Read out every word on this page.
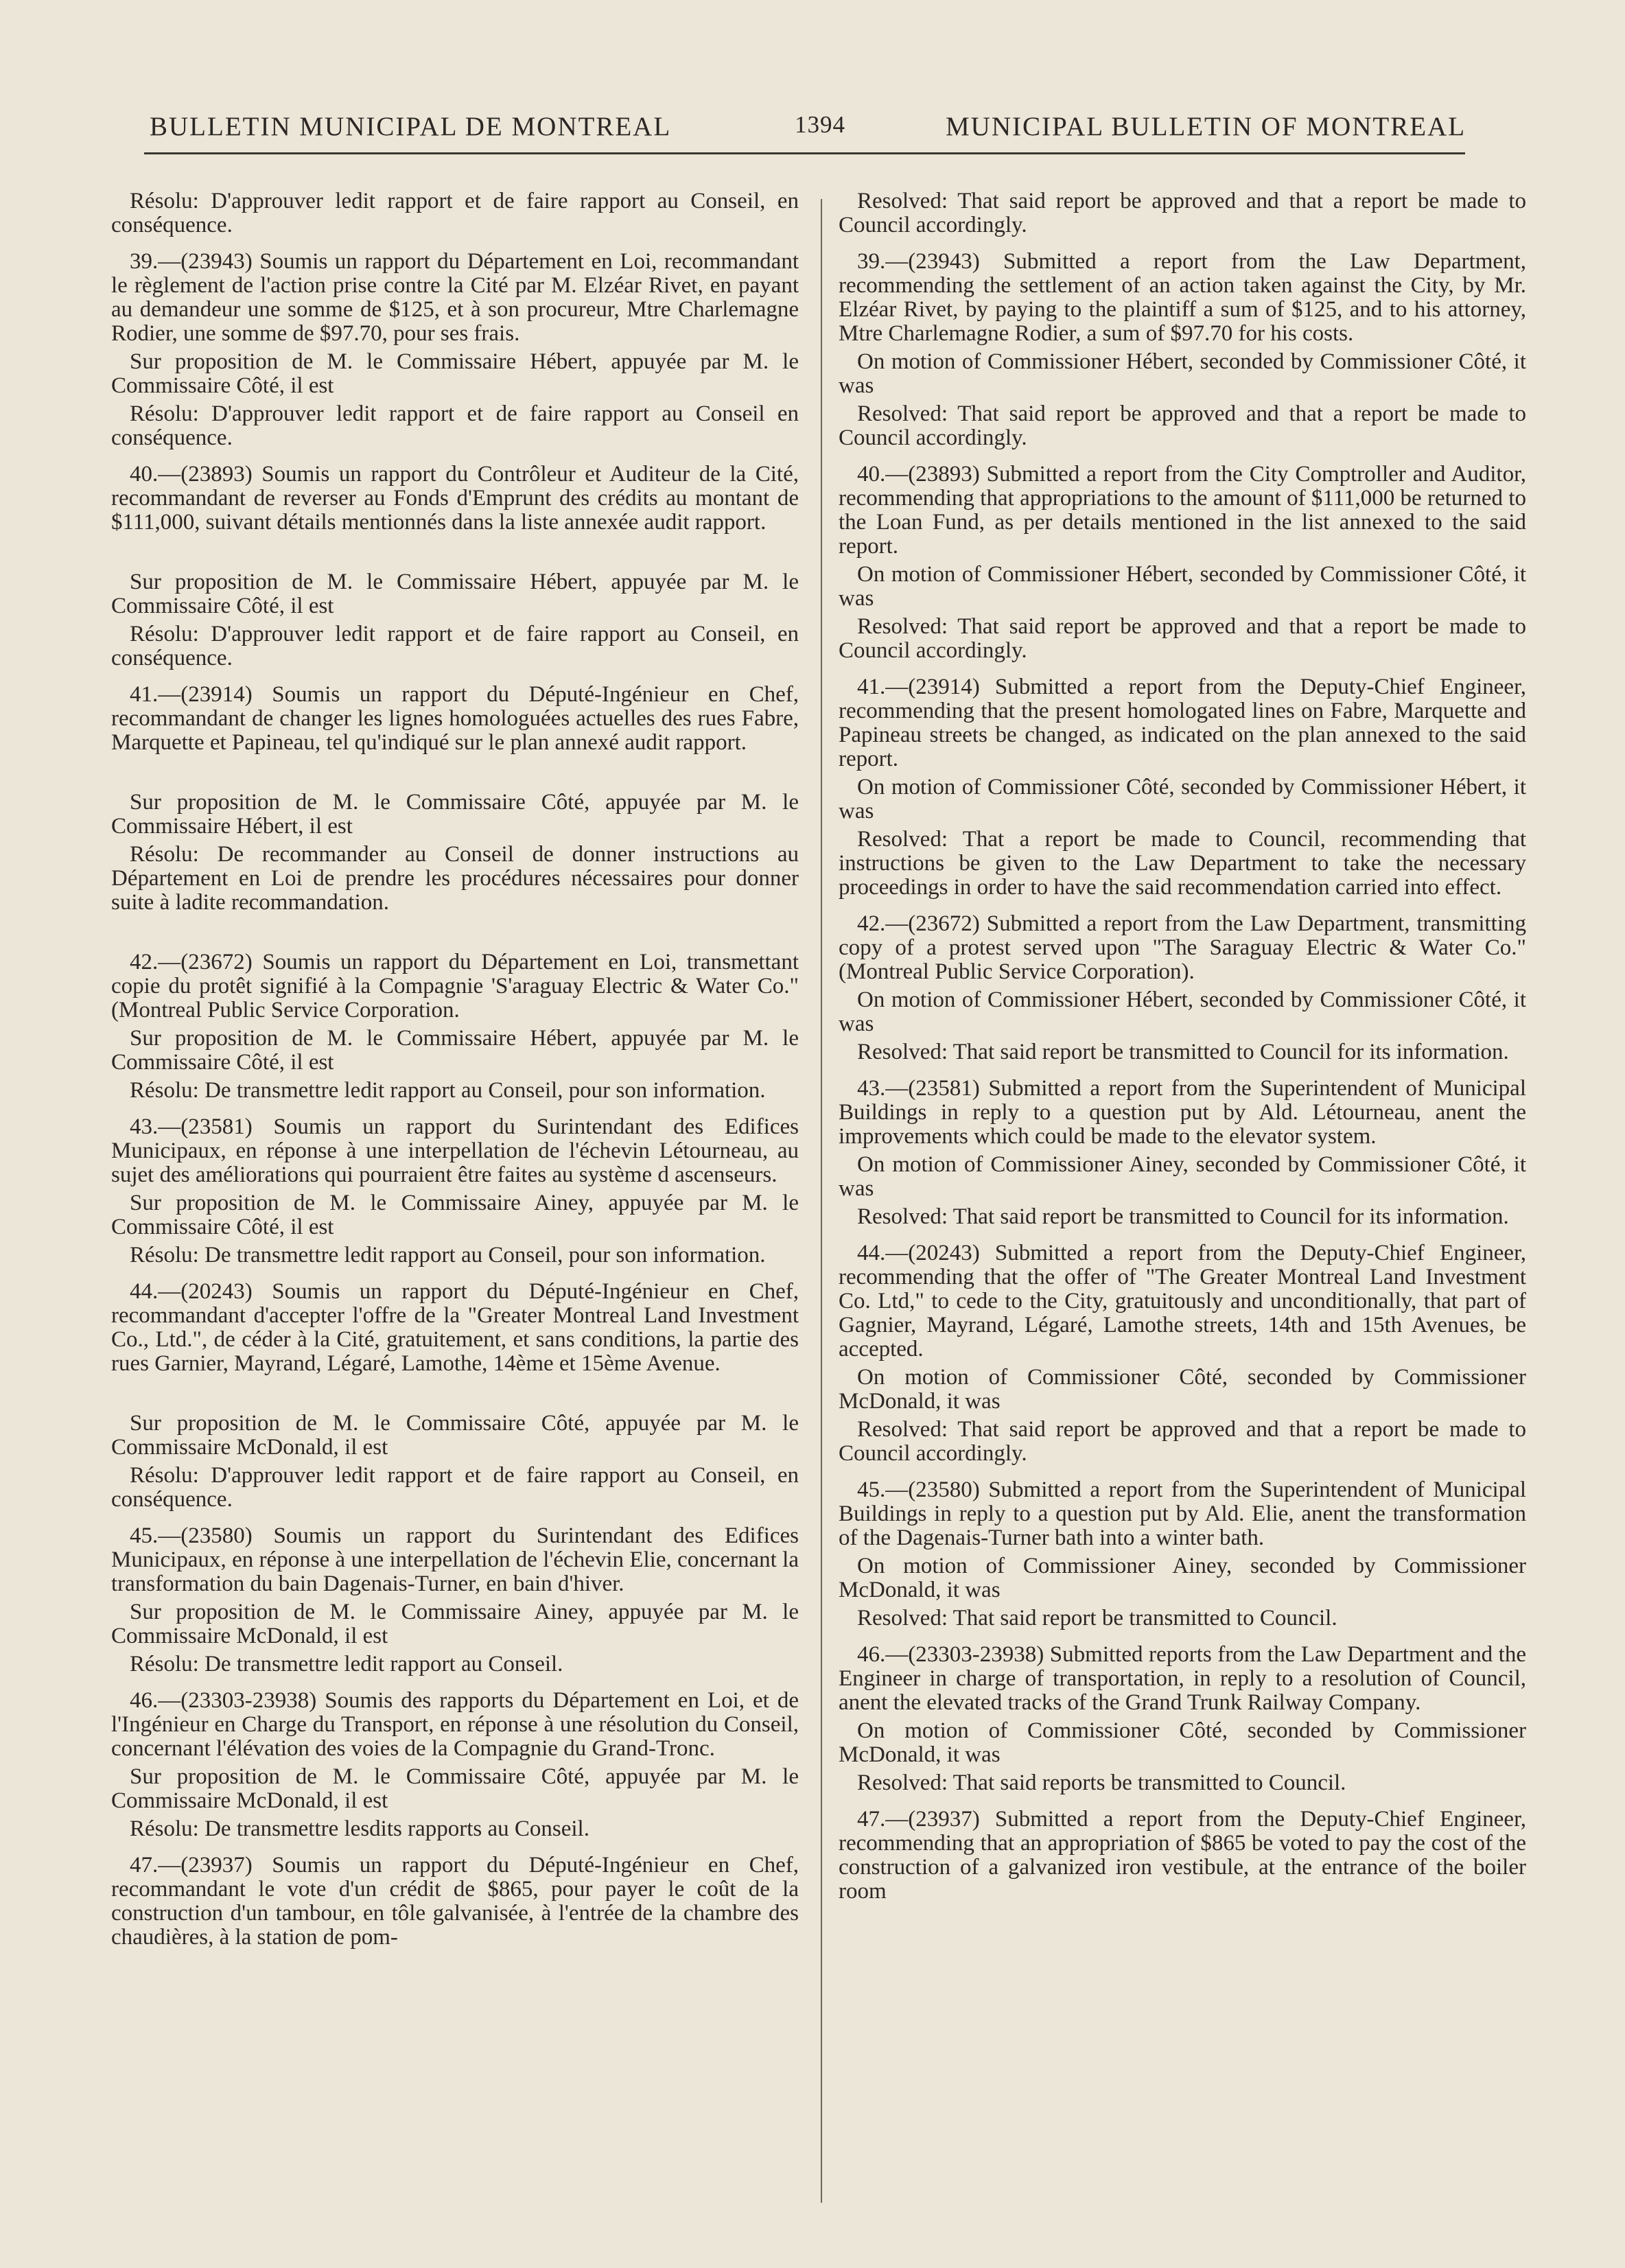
BULLETIN MUNICIPAL DE MONTREAL	1394	MUNICIPAL BULLETIN OF MONTREAL

Résolu: D'approuver ledit rapport et de faire rapport au Conseil, en conséquence.

39.—(23943) Soumis un rapport du Département en Loi, recommandant le règlement de l'action prise contre la Cité par M. Elzéar Rivet, en payant au demandeur une somme de $125, et à son procureur, Mtre Charlemagne Rodier, une somme de $97.70, pour ses frais.

Sur proposition de M. le Commissaire Hébert, appuyée par M. le Commissaire Côté, il est

Résolu: D'approuver ledit rapport et de faire rapport au Conseil en conséquence.

40.—(23893) Soumis un rapport du Contrôleur et Auditeur de la Cité, recommandant de reverser au Fonds d'Emprunt des crédits au montant de $111,000, suivant détails mentionnés dans la liste annexée audit rapport.

Sur proposition de M. le Commissaire Hébert, appuyée par M. le Commissaire Côté, il est

Résolu: D'approuver ledit rapport et de faire rapport au Conseil, en conséquence.

41.—(23914) Soumis un rapport du Député-Ingénieur en Chef, recommandant de changer les lignes homologuées actuelles des rues Fabre, Marquette et Papineau, tel qu'indiqué sur le plan annexé audit rapport.

Sur proposition de M. le Commissaire Côté, appuyée par M. le Commissaire Hébert, il est

Résolu: De recommander au Conseil de donner instructions au Département en Loi de prendre les procédures nécessaires pour donner suite à ladite recommandation.

42.—(23672) Soumis un rapport du Département en Loi, transmettant copie du protêt signifié à la Compagnie 'S'araguay Electric & Water Co." (Montreal Public Service Corporation.

Sur proposition de M. le Commissaire Hébert, appuyée par M. le Commissaire Côté, il est

Résolu: De transmettre ledit rapport au Conseil, pour son information.

43.—(23581) Soumis un rapport du Surintendant des Edifices Municipaux, en réponse à une interpellation de l'échevin Létourneau, au sujet des améliorations qui pourraient être faites au système d ascenseurs.

Sur proposition de M. le Commissaire Ainey, appuyée par M. le Commissaire Côté, il est

Résolu: De transmettre ledit rapport au Conseil, pour son information.

44.—(20243) Soumis un rapport du Député-Ingénieur en Chef, recommandant d'accepter l'offre de la "Greater Montreal Land Investment Co., Ltd.", de céder à la Cité, gratuitement, et sans conditions, la partie des rues Garnier, Mayrand, Légaré, Lamothe, 14ème et 15ème Avenue.

Sur proposition de M. le Commissaire Côté, appuyée par M. le Commissaire McDonald, il est

Résolu: D'approuver ledit rapport et de faire rapport au Conseil, en conséquence.

45.—(23580) Soumis un rapport du Surintendant des Edifices Municipaux, en réponse à une interpellation de l'échevin Elie, concernant la transformation du bain Dagenais-Turner, en bain d'hiver.

Sur proposition de M. le Commissaire Ainey, appuyée par M. le Commissaire McDonald, il est

Résolu: De transmettre ledit rapport au Conseil.

46.—(23303-23938) Soumis des rapports du Département en Loi, et de l'Ingénieur en Charge du Transport, en réponse à une résolution du Conseil, concernant l'élévation des voies de la Compagnie du Grand-Tronc.

Sur proposition de M. le Commissaire Côté, appuyée par M. le Commissaire McDonald, il est

Résolu: De transmettre lesdits rapports au Conseil.

47.—(23937) Soumis un rapport du Député-Ingénieur en Chef, recommandant le vote d'un crédit de $865, pour payer le coût de la construction d'un tambour, en tôle galvanisée, à l'entrée de la chambre des chaudières, à la station de pom-

Resolved: That said report be approved and that a report be made to Council accordingly.

39.—(23943) Submitted a report from the Law Department, recommending the settlement of an action taken against the City, by Mr. Elzéar Rivet, by paying to the plaintiff a sum of $125, and to his attorney, Mtre Charlemagne Rodier, a sum of $97.70 for his costs.

On motion of Commissioner Hébert, seconded by Commissioner Côté, it was

Resolved: That said report be approved and that a report be made to Council accordingly.

40.—(23893) Submitted a report from the City Comptroller and Auditor, recommending that appropriations to the amount of $111,000 be returned to the Loan Fund, as per details mentioned in the list annexed to the said report.

On motion of Commissioner Hébert, seconded by Commissioner Côté, it was

Resolved: That said report be approved and that a report be made to Council accordingly.

41.—(23914) Submitted a report from the Deputy-Chief Engineer, recommending that the present homologated lines on Fabre, Marquette and Papineau streets be changed, as indicated on the plan annexed to the said report.

On motion of Commissioner Côté, seconded by Commissioner Hébert, it was

Resolved: That a report be made to Council, recommending that instructions be given to the Law Department to take the necessary proceedings in order to have the said recommendation carried into effect.

42.—(23672) Submitted a report from the Law Department, transmitting copy of a protest served upon "The Saraguay Electric & Water Co." (Montreal Public Service Corporation).

On motion of Commissioner Hébert, seconded by Commissioner Côté, it was

Resolved: That said report be transmitted to Council for its information.

43.—(23581) Submitted a report from the Superintendent of Municipal Buildings in reply to a question put by Ald. Létourneau, anent the improvements which could be made to the elevator system.

On motion of Commissioner Ainey, seconded by Commissioner Côté, it was

Resolved: That said report be transmitted to Council for its information.

44.—(20243) Submitted a report from the Deputy-Chief Engineer, recommending that the offer of "The Greater Montreal Land Investment Co. Ltd," to cede to the City, gratuitously and unconditionally, that part of Gagnier, Mayrand, Légaré, Lamothe streets, 14th and 15th Avenues, be accepted.

On motion of Commissioner Côté, seconded by Commissioner McDonald, it was

Resolved: That said report be approved and that a report be made to Council accordingly.

45.—(23580) Submitted a report from the Superintendent of Municipal Buildings in reply to a question put by Ald. Elie, anent the transformation of the Dagenais-Turner bath into a winter bath.

On motion of Commissioner Ainey, seconded by Commissioner McDonald, it was

Resolved: That said report be transmitted to Council.

46.—(23303-23938) Submitted reports from the Law Department and the Engineer in charge of transportation, in reply to a resolution of Council, anent the elevated tracks of the Grand Trunk Railway Company.

On motion of Commissioner Côté, seconded by Commissioner McDonald, it was

Resolved: That said reports be transmitted to Council.

47.—(23937) Submitted a report from the Deputy-Chief Engineer, recommending that an appropriation of $865 be voted to pay the cost of the construction of a galvanized iron vestibule, at the entrance of the boiler room
